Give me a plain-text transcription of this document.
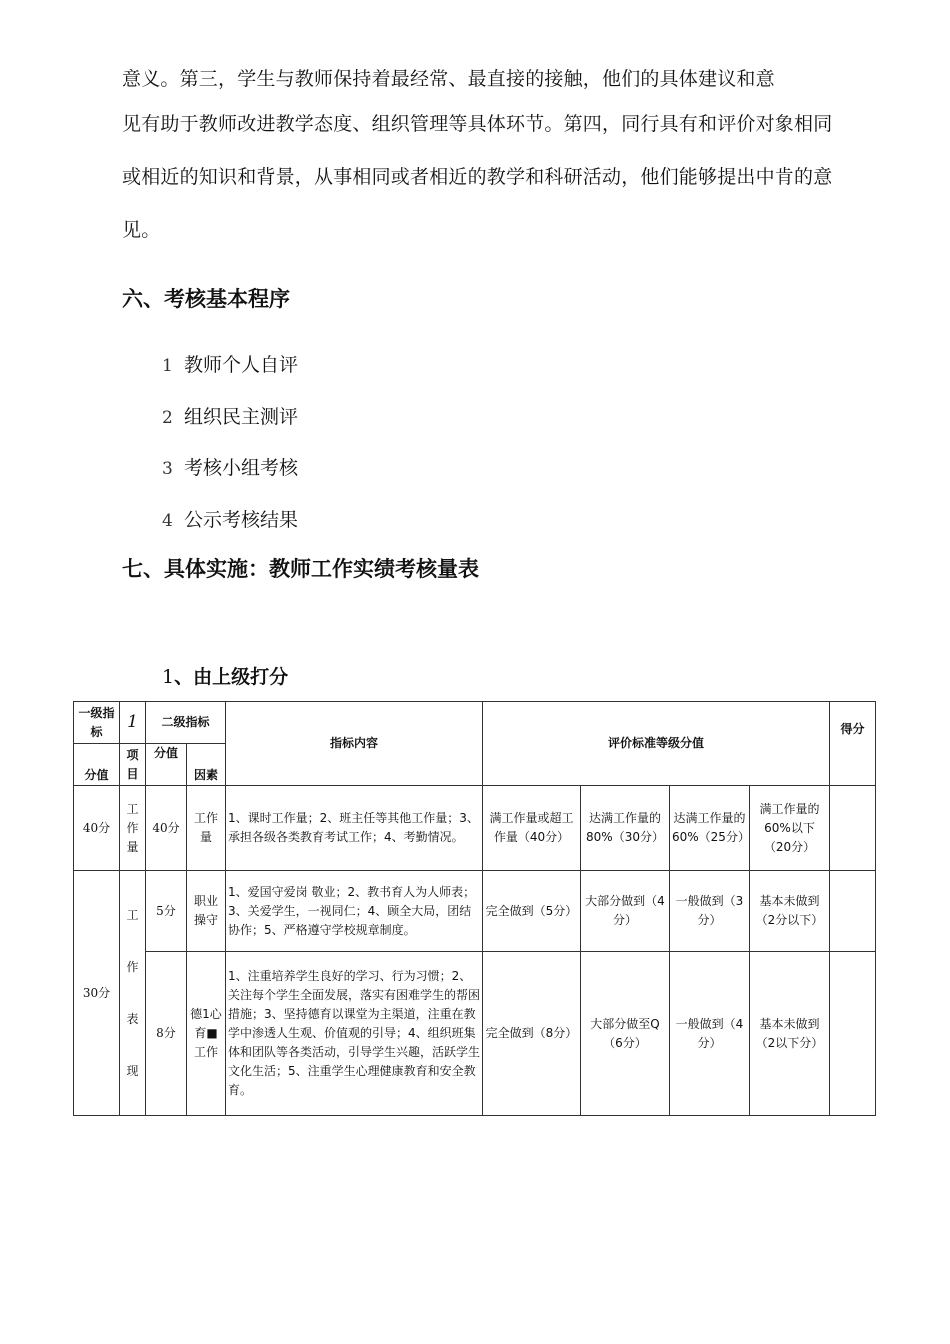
意义。第三，学生与教师保持着最经常、最直接的接触，他们的具体建议和意
见有助于教师改进教学态度、组织管理等具体环节。第四，同行具有和评价对象相同
或相近的知识和背景，从事相同或者相近的教学和科研活动，他们能够提出中肯的意
见。
六、考核基本程序
1 教师个人自评
2 组织民主测评
3 考核小组考核
4 公示考核结果
七、具体实施：教师工作实绩考核量表
1、由上级打分
一级指标	1	二级指标		指标内容	评价标准等级分值				得分
分值	项目	分值	因素						
40分	工作量	40分	工作量	1、课时工作量；2、班主任等其他工作量；3、承担各级各类教育考试工作；4、考勤情况。	满工作量或超工作量（40分）	达满工作量的80%（30分）	达满工作量的60%（25分）	满工作量的60%以下（20分）	
30分	工作表现	5分	职业操守	1、爱国守爱岗 敬业；2、教书育人为人师表；3、关爱学生，一视同仁；4、顾全大局，团结协作；5、严格遵守学校规章制度。	完全做到（5分）	大部分做到（4分）	一般做到（3分）	基本未做到（2分以下）	
		8分	德1心育■工作	1、注重培养学生良好的学习、行为习惯；2、关注每个学生全面发展，落实有困难学生的帮困措施；3、坚持德育以课堂为主渠道，注重在教学中渗透人生观、价值观的引导；4、组织班集体和团队等各类活动，引导学生兴趣，活跃学生文化生活；5、注重学生心理健康教育和安全教育。	完全做到（8分）	大部分做至Q（6分）	一般做到（4分）	基本未做到（2以下分）	
